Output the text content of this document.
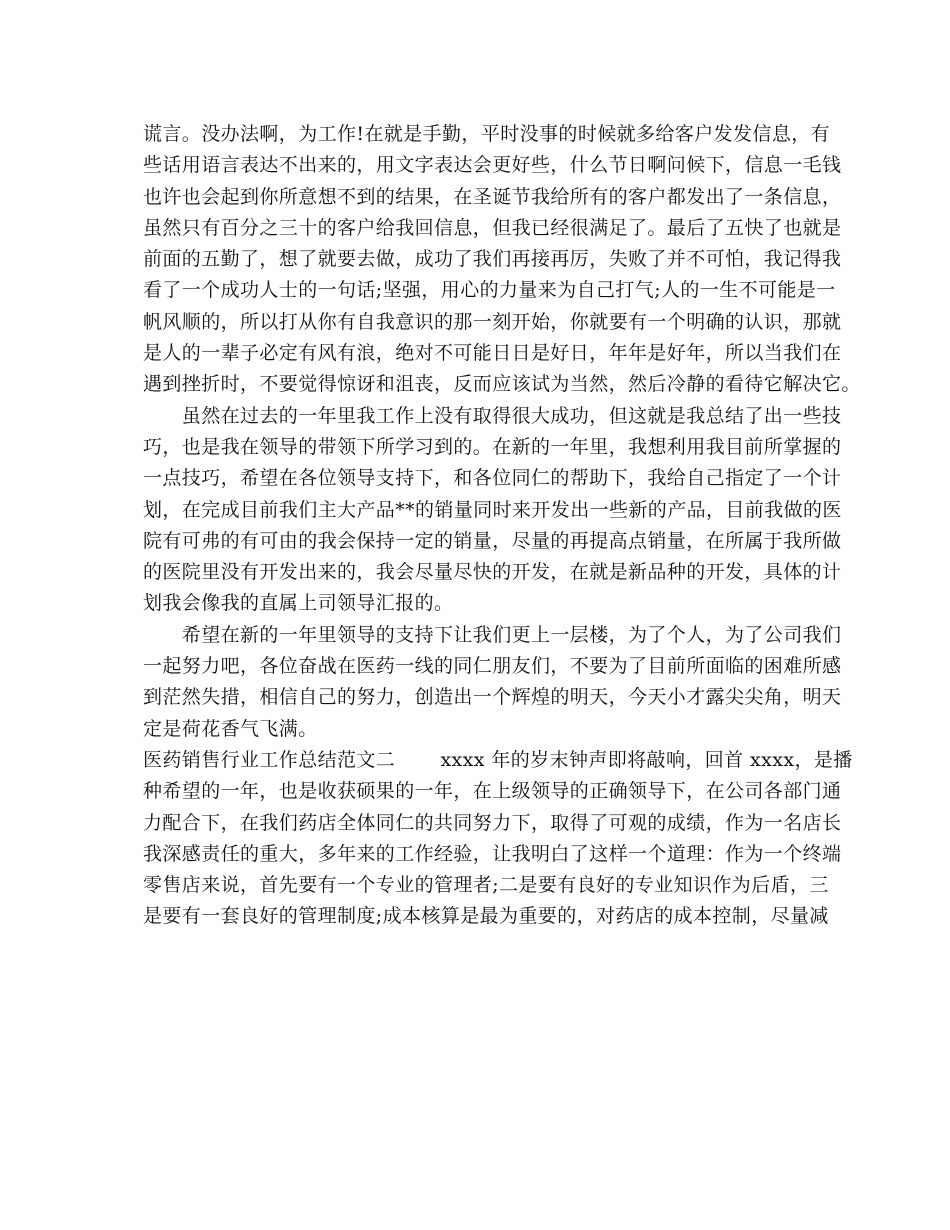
谎言。没办法啊，为工作!在就是手勤，平时没事的时候就多给客户发发信息，有
些话用语言表达不出来的，用文字表达会更好些，什么节日啊问候下，信息一毛钱
也许也会起到你所意想不到的结果，在圣诞节我给所有的客户都发出了一条信息，
虽然只有百分之三十的客户给我回信息，但我已经很满足了。最后了五快了也就是
前面的五勤了，想了就要去做，成功了我们再接再厉，失败了并不可怕，我记得我
看了一个成功人士的一句话;坚强，用心的力量来为自己打气;人的一生不可能是一
帆风顺的，所以打从你有自我意识的那一刻开始，你就要有一个明确的认识，那就
是人的一辈子必定有风有浪，绝对不可能日日是好日，年年是好年，所以当我们在
遇到挫折时，不要觉得惊讶和沮丧，反而应该试为当然，然后冷静的看待它解决它。
　　虽然在过去的一年里我工作上没有取得很大成功，但这就是我总结了出一些技
巧，也是我在领导的带领下所学习到的。在新的一年里，我想利用我目前所掌握的
一点技巧，希望在各位领导支持下，和各位同仁的帮助下，我给自己指定了一个计
划，在完成目前我们主大产品**的销量同时来开发出一些新的产品，目前我做的医
院有可弗的有可由的我会保持一定的销量，尽量的再提高点销量，在所属于我所做
的医院里没有开发出来的，我会尽量尽快的开发，在就是新品种的开发，具体的计
划我会像我的直属上司领导汇报的。
　　希望在新的一年里领导的支持下让我们更上一层楼，为了个人，为了公司我们
一起努力吧，各位奋战在医药一线的同仁朋友们，不要为了目前所面临的困难所感
到茫然失措，相信自己的努力，创造出一个辉煌的明天，今天小才露尖尖角，明天
定是荷花香气飞满。
医药销售行业工作总结范文二　　 xxxx 年的岁末钟声即将敲响，回首 xxxx，是播
种希望的一年，也是收获硕果的一年，在上级领导的正确领导下，在公司各部门通
力配合下，在我们药店全体同仁的共同努力下，取得了可观的成绩，作为一名店长
我深感责任的重大，多年来的工作经验，让我明白了这样一个道理：作为一个终端
零售店来说，首先要有一个专业的管理者;二是要有良好的专业知识作为后盾，三
是要有一套良好的管理制度;成本核算是最为重要的，对药店的成本控制，尽量减
